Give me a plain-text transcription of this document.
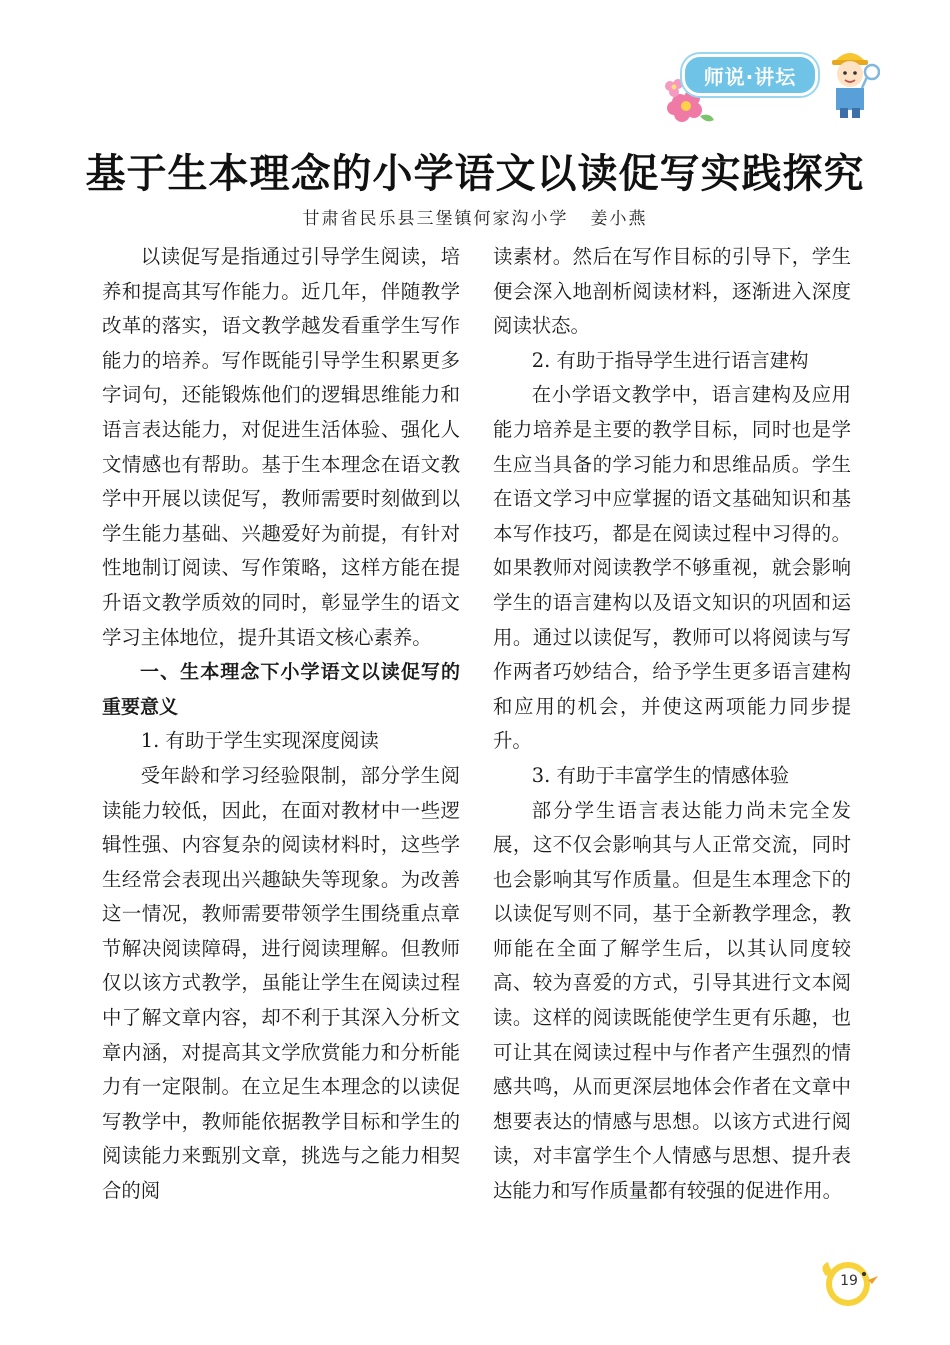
师说·讲坛
基于生本理念的小学语文以读促写实践探究
甘肃省民乐县三堡镇何家沟小学 姜小燕

以读促写是指通过引导学生阅读，培养和提高其写作能力。近几年，伴随教学改革的落实，语文教学越发看重学生写作能力的培养。写作既能引导学生积累更多字词句，还能锻炼他们的逻辑思维能力和语言表达能力，对促进生活体验、强化人文情感也有帮助。基于生本理念在语文教学中开展以读促写，教师需要时刻做到以学生能力基础、兴趣爱好为前提，有针对性地制订阅读、写作策略，这样方能在提升语文教学质效的同时，彰显学生的语文学习主体地位，提升其语文核心素养。

一、生本理念下小学语文以读促写的重要意义

1. 有助于学生实现深度阅读

受年龄和学习经验限制，部分学生阅读能力较低，因此，在面对教材中一些逻辑性强、内容复杂的阅读材料时，这些学生经常会表现出兴趣缺失等现象。为改善这一情况，教师需要带领学生围绕重点章节解决阅读障碍，进行阅读理解。但教师仅以该方式教学，虽能让学生在阅读过程中了解文章内容，却不利于其深入分析文章内涵，对提高其文学欣赏能力和分析能力有一定限制。在立足生本理念的以读促写教学中，教师能依据教学目标和学生的阅读能力来甄别文章，挑选与之能力相契合的阅

读素材。然后在写作目标的引导下，学生便会深入地剖析阅读材料，逐渐进入深度阅读状态。

2. 有助于指导学生进行语言建构

在小学语文教学中，语言建构及应用能力培养是主要的教学目标，同时也是学生应当具备的学习能力和思维品质。学生在语文学习中应掌握的语文基础知识和基本写作技巧，都是在阅读过程中习得的。如果教师对阅读教学不够重视，就会影响学生的语言建构以及语文知识的巩固和运用。通过以读促写，教师可以将阅读与写作两者巧妙结合，给予学生更多语言建构和应用的机会，并使这两项能力同步提升。

3. 有助于丰富学生的情感体验

部分学生语言表达能力尚未完全发展，这不仅会影响其与人正常交流，同时也会影响其写作质量。但是生本理念下的以读促写则不同，基于全新教学理念，教师能在全面了解学生后，以其认同度较高、较为喜爱的方式，引导其进行文本阅读。这样的阅读既能使学生更有乐趣，也可让其在阅读过程中与作者产生强烈的情感共鸣，从而更深层地体会作者在文章中想要表达的情感与思想。以该方式进行阅读，对丰富学生个人情感与思想、提升表达能力和写作质量都有较强的促进作用。

19
